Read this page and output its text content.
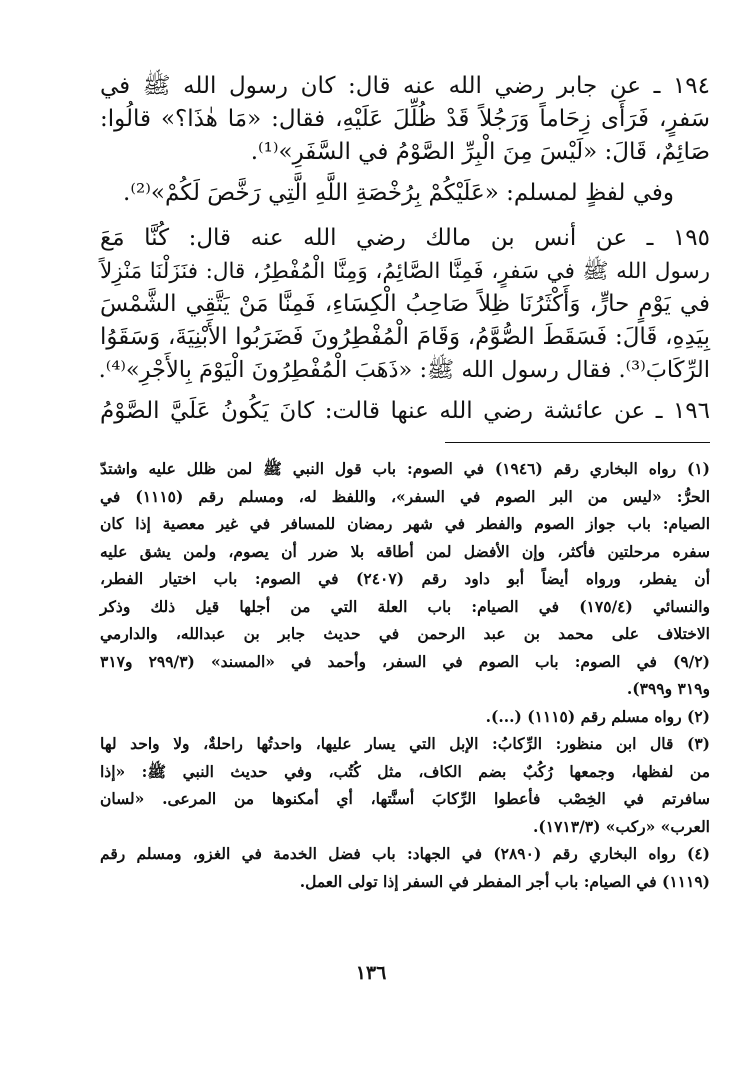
١٩٤ ـ عن جابر رضي الله عنه قال: كان رسول الله ﷺ في
سَفرٍ، فَرَأَى زِحَاماً وَرَجُلاً قَدْ ظُلِّلَ عَلَيْهِ، فقال: «مَا هٰذَا؟» قالُوا:
صَائِمٌ، قَالَ: «لَيْسَ مِنَ الْبِرِّ الصَّوْمُ في السَّفَرِ»⁽¹⁾.
وفي لفظٍ لمسلم: «عَلَيْكُمْ بِرُخْصَةِ اللَّهِ الَّتِي رَخَّصَ لَكُمْ»⁽²⁾.
١٩٥ ـ عن أنس بن مالك رضي الله عنه قال: كُنَّا مَعَ
رسول الله ﷺ في سَفرٍ، فَمِنَّا الصَّائِمُ، وَمِنَّا الْمُفْطِرُ، قال: فنَزَلْنَا مَنْزِلاً
في يَوْمٍ حارٍّ، وَأَكْثَرُنَا ظِلاً صَاحِبُ الْكِسَاءِ، فَمِنَّا مَنْ يَتَّقِي الشَّمْسَ
بِيَدِهِ، قَالَ: فَسَقَطَ الصُّوَّمُ، وَقَامَ الْمُفْطِرُونَ فَضَرَبُوا الأَبْنِيَةَ، وَسَقَوُا
الرِّكَابَ⁽³⁾. فقال رسول الله ﷺ: «ذَهَبَ الْمُفْطِرُونَ الْيَوْمَ بِالأَجْرِ»⁽⁴⁾.
١٩٦ ـ عن عائشة رضي الله عنها قالت: كانَ يَكُونُ عَلَيَّ الصَّوْمُ
(١) رواه البخاري رقم (١٩٤٦) في الصوم: باب قول النبي ﷺ لمن ظلل عليه واشتدّ
الحرُّ: «ليس من البر الصوم في السفر»، واللفظ له، ومسلم رقم (١١١٥) في
الصيام: باب جواز الصوم والفطر في شهر رمضان للمسافر في غير معصية إذا كان
سفره مرحلتين فأكثر، وإن الأفضل لمن أطاقه بلا ضرر أن يصوم، ولمن يشق عليه
أن يفطر، ورواه أيضاً أبو داود رقم (٢٤٠٧) في الصوم: باب اختيار الفطر،
والنسائي (١٧٥/٤) في الصيام: باب العلة التي من أجلها قيل ذلك وذكر
الاختلاف على محمد بن عبد الرحمن في حديث جابر بن عبدالله، والدارمي
(٩/٢) في الصوم: باب الصوم في السفر، وأحمد في «المسند» (٢٩٩/٣ و٣١٧
و٣١٩ و٣٩٩).
(٢) رواه مسلم رقم (١١١٥) (...).
(٣) قال ابن منظور: الرِّكابُ: الإبل التي يسار عليها، واحدتُها راحلةٌ، ولا واحد لها
من لفظها، وجمعها رُكُبٌ بضم الكاف، مثل كُتُب، وفي حديث النبي ﷺ: «إذا
سافرتم في الخِصْب فأعطوا الرِّكابَ أسنَّتها، أي أمكنوها من المرعى. «لسان
العرب» «ركب» (١٧١٣/٣).
(٤) رواه البخاري رقم (٢٨٩٠) في الجهاد: باب فضل الخدمة في الغزو، ومسلم رقم
(١١١٩) في الصيام: باب أجر المفطر في السفر إذا تولى العمل.
١٣٦
